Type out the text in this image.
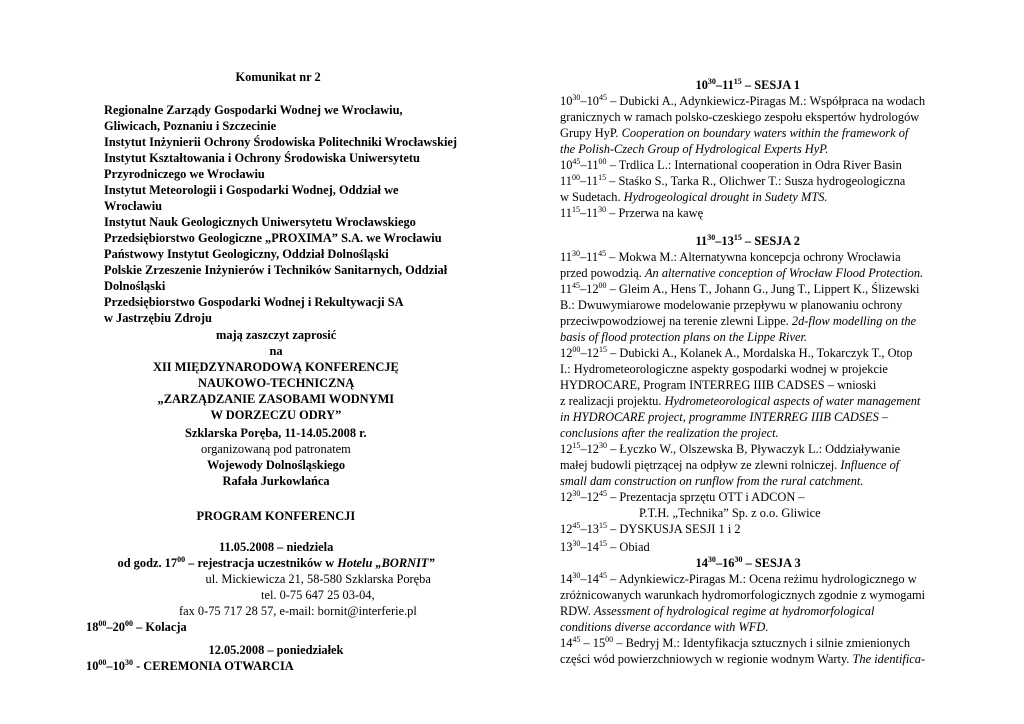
Komunikat nr 2
Regionalne Zarządy Gospodarki Wodnej we Wrocławiu,
Gliwicach, Poznaniu i Szczecinie
Instytut Inżynierii Ochrony Środowiska Politechniki Wrocławskiej
Instytut Kształtowania i Ochrony Środowiska Uniwersytetu
Przyrodniczego we Wrocławiu
Instytut Meteorologii i Gospodarki Wodnej, Oddział we
Wrocławiu
Instytut Nauk Geologicznych Uniwersytetu Wrocławskiego
Przedsiębiorstwo Geologiczne „PROXIMA” S.A. we Wrocławiu
Państwowy Instytut Geologiczny, Oddział Dolnośląski
Polskie Zrzeszenie Inżynierów i Techników Sanitarnych, Oddział
Dolnośląski
Przedsiębiorstwo Gospodarki Wodnej i Rekultywacji SA
w Jastrzębiu Zdroju
mają zaszczyt zaprosić
na
XII MIĘDZYNARODOWĄ KONFERENCJĘ
NAUKOWO-TECHNICZNĄ
„ZARZĄDZANIE ZASOBAMI WODNYMI
W DORZECZU ODRY”
Szklarska Poręba, 11-14.05.2008 r.
organizowaną pod patronatem
Wojewody Dolnośląskiego
Rafała Jurkowlańca
PROGRAM KONFERENCJI
11.05.2008 – niedziela
od godz. $17^{00}$ – rejestracja uczestników w Hotelu „BORNIT”
ul. Mickiewicza 21, 58-580 Szklarska Poręba
tel. 0-75 647 25 03-04,
fax 0-75 717 28 57, e-mail: bornit@interferie.pl
$18^{00}-20^{00}$ – Kolacja
12.05.2008 – poniedziałek
$10^{00}-10^{30}$ - CEREMONIA OTWARCIA
$10^{30}-11^{15}$ – SESJA 1
$10^{30}-10^{45}$ – Dubicki A., Adynkiewicz-Piragas M.: Współpraca na wodach
granicznych w ramach polsko-czeskiego zespołu ekspertów hydrologów
Grupy HyP. Cooperation on boundary waters within the framework of
the Polish-Czech Group of Hydrological Experts HyP.
$10^{45}-11^{00}$ – Trdlica L.: International cooperation in Odra River Basin
$11^{00}-11^{15}$ – Staśko S., Tarka R., Olichwer T.: Susza hydrogeologiczna
w Sudetach. Hydrogeological drought in Sudety MTS.
$11^{15}-11^{30}$ – Przerwa na kawę
$11^{30}-13^{15}$ – SESJA 2
$11^{30}-11^{45}$ – Mokwa M.: Alternatywna koncepcja ochrony Wrocławia
przed powodzią. An alternative conception of Wrocław Flood Protection.
$11^{45}-12^{00}$ – Gleim A., Hens T., Johann G., Jung T., Lippert K., Ślizewski
B.: Dwuwymiarowe modelowanie przepływu w planowaniu ochrony
przeciwpowodziowej na terenie zlewni Lippe. 2d-flow modelling on the
basis of flood protection plans on the Lippe River.
$12^{00}-12^{15}$ – Dubicki A., Kolanek A., Mordalska H., Tokarczyk T., Otop
I.: Hydrometeorologiczne aspekty gospodarki wodnej w projekcie
HYDROCARE, Program INTERREG IIIB CADSES – wnioski
z realizacji projektu. Hydrometeorological aspects of water management
in HYDROCARE project, programme INTERREG IIIB CADSES –
conclusions after the realization the project.
$12^{15}-12^{30}$ – Łyczko W., Olszewska B, Pływaczyk L.: Oddziaływanie
małej budowli piętrzącej na odpływ ze zlewni rolniczej. Influence of
small dam construction on runflow from the rural catchment.
$12^{30}-12^{45}$ – Prezentacja sprzętu OTT i ADCON –
P.T.H. „Technika” Sp. z o.o. Gliwice
$12^{45}-13^{15}$ – DYSKUSJA SESJI 1 i 2
$13^{30}-14^{15}$ – Obiad
$14^{30}-16^{30}$ – SESJA 3
$14^{30}-14^{45}$ – Adynkiewicz-Piragas M.: Ocena reżimu hydrologicznego w
zróżnicowanych warunkach hydromorfologicznych zgodnie z wymogami
RDW. Assessment of hydrological regime at hydromorfological
conditions diverse accordance with WFD.
$14^{45} - 15^{00}$ – Bedryj M.: Identyfikacja sztucznych i silnie zmienionych
części wód powierzchniowych w regionie wodnym Warty. The identifica-
